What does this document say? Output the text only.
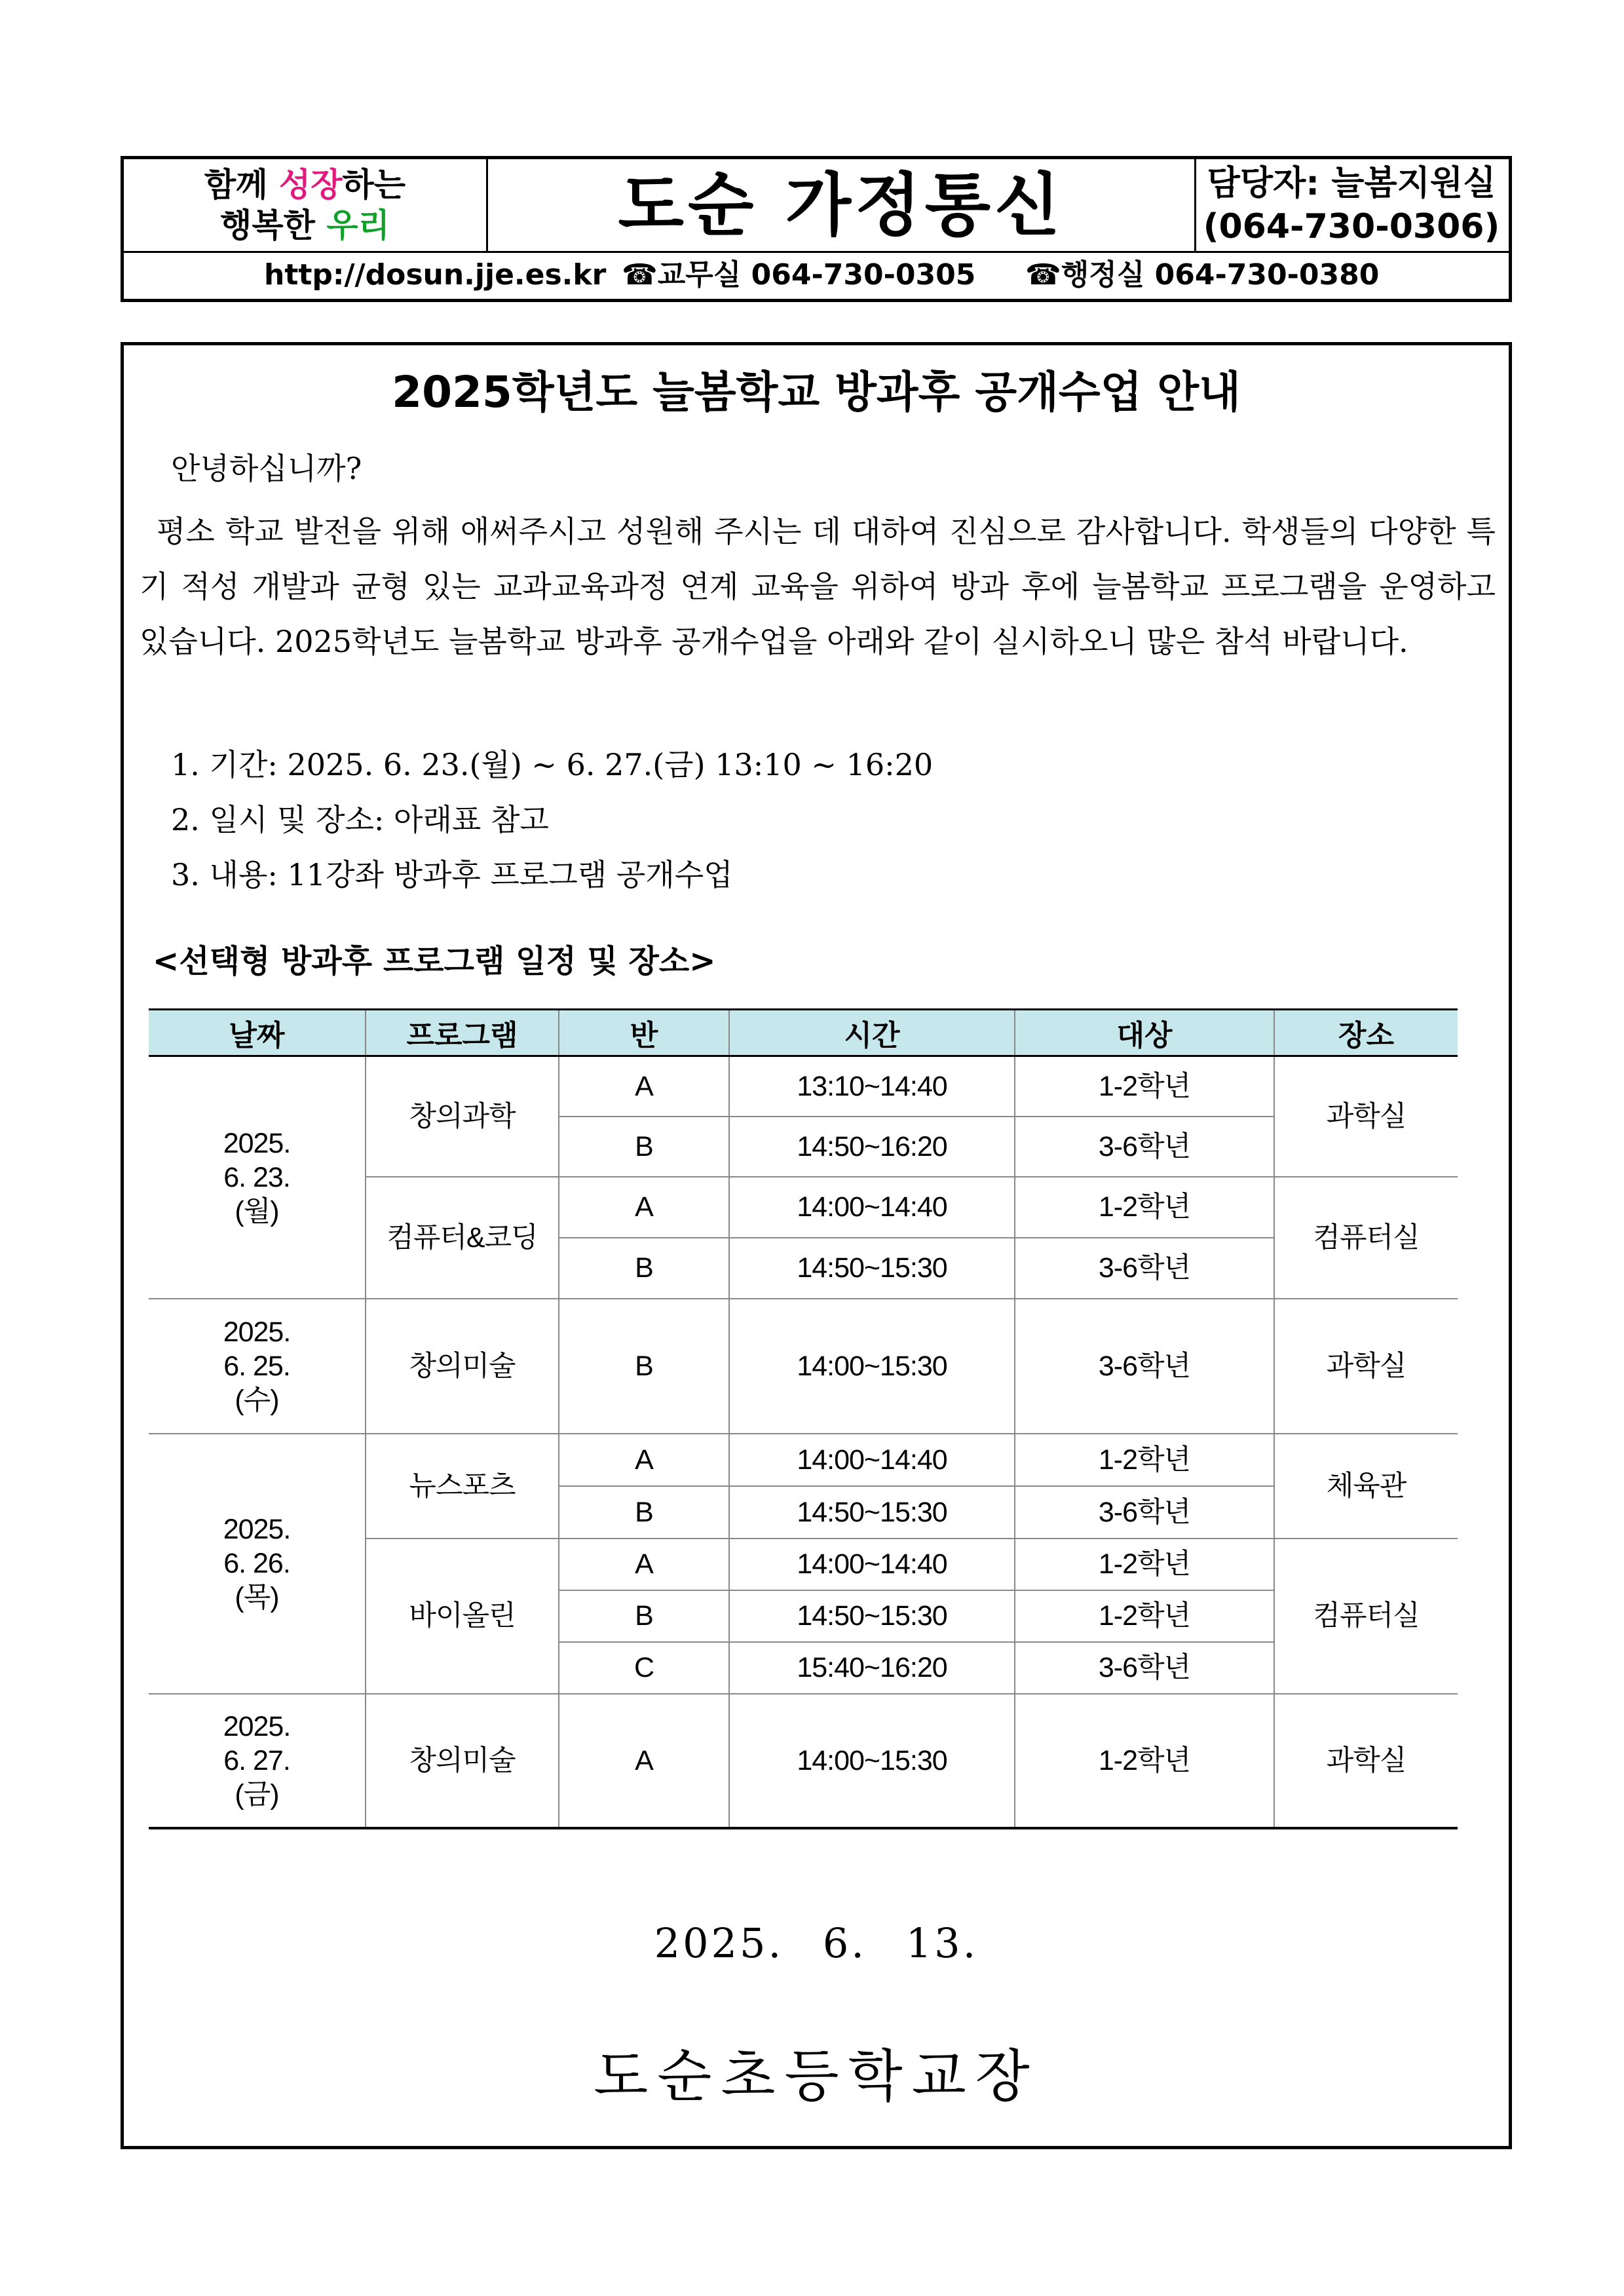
함께 성장하는
행복한 우리	도순 가정통신	담당자: 늘봄지원실
(064-730-0306)
http://dosun.jje.es.kr ☎교무실 064-730-0305 ☎행정실 064-730-0380
2025학년도 늘봄학교 방과후 공개수업 안내
안녕하십니까?
평소 학교 발전을 위해 애써주시고 성원해 주시는 데 대하여 진심으로 감사합니다. 학생들의 다양한 특기 적성 개발과 균형 있는 교과교육과정 연계 교육을 위하여 방과 후에 늘봄학교 프로그램을 운영하고 있습니다. 2025학년도 늘봄학교 방과후 공개수업을 아래와 같이 실시하오니 많은 참석 바랍니다.
1. 기간: 2025. 6. 23.(월) ~ 6. 27.(금) 13:10 ~ 16:20
2. 일시 및 장소: 아래표 참고
3. 내용: 11강좌 방과후 프로그램 공개수업
<선택형 방과후 프로그램 일정 및 장소>
날짜	프로그램	반	시간	대상	장소

2025.
6. 23.
(월)	창의과학	A	13:10~14:40	1-2학년	과학실
		B	14:50~16:20	3-6학년	
	컴퓨터&코딩	A	14:00~14:40	1-2학년	컴퓨터실
		B	14:50~15:30	3-6학년	

2025.
6. 25.
(수)	창의미술	B	14:00~15:30	3-6학년	과학실

2025.
6. 26.
(목)	뉴스포츠	A	14:00~14:40	1-2학년	체육관
		B	14:50~15:30	3-6학년	
	바이올린	A	14:00~14:40	1-2학년	컴퓨터실
		B	14:50~15:30	1-2학년	
		C	15:40~16:20	3-6학년	

2025.
6. 27.
(금)	창의미술	A	14:00~15:30	1-2학년	과학실
2025. 6. 13.
도순초등학교장
